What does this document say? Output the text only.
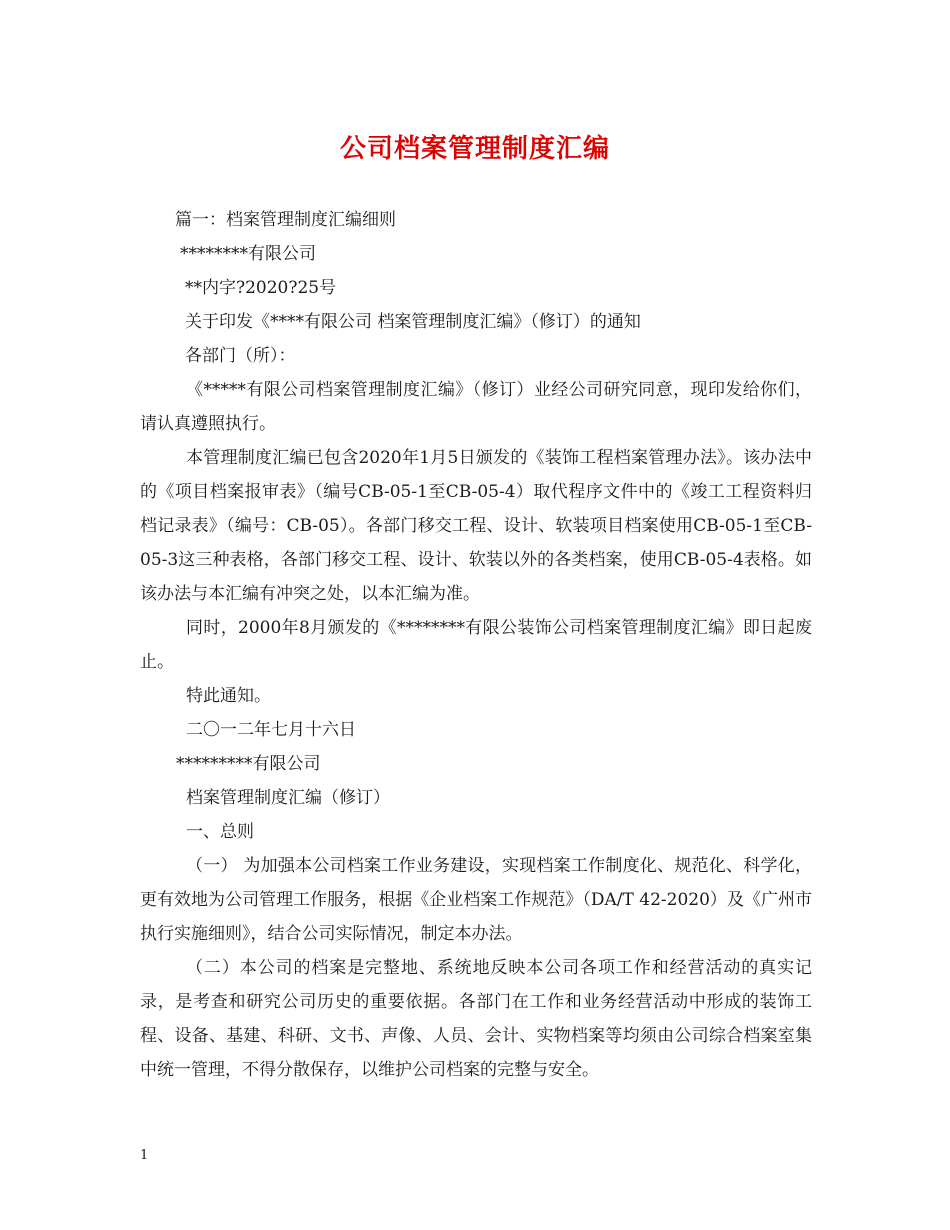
公司档案管理制度汇编
篇一：档案管理制度汇编细则
********有限公司
**内字?2020?25号
关于印发《****有限公司 档案管理制度汇编》（修订）的通知
各部门（所）：

《*****有限公司档案管理制度汇编》（修订）业经公司研究同意，现印发给你们，请认真遵照执行。

本管理制度汇编已包含2020年1月5日颁发的《装饰工程档案管理办法》。该办法中的《项目档案报审表》（编号CB-05-1至CB-05-4）取代程序文件中的《竣工工程资料归档记录表》（编号：CB-05）。各部门移交工程、设计、软装项目档案使用CB-05-1至CB-05-3这三种表格，各部门移交工程、设计、软装以外的各类档案，使用CB-05-4表格。如该办法与本汇编有冲突之处，以本汇编为准。

同时，2000年8月颁发的《********有限公装饰公司档案管理制度汇编》即日起废止。

特此通知。
二〇一二年七月十六日
*********有限公司
档案管理制度汇编（修订）
一、总则

（一） 为加强本公司档案工作业务建设，实现档案工作制度化、规范化、科学化，更有效地为公司管理工作服务，根据《企业档案工作规范》（DA/T 42-2020）及《广州市执行实施细则》，结合公司实际情况，制定本办法。

（二）本公司的档案是完整地、系统地反映本公司各项工作和经营活动的真实记录，是考查和研究公司历史的重要依据。各部门在工作和业务经营活动中形成的装饰工程、设备、基建、科研、文书、声像、人员、会计、实物档案等均须由公司综合档案室集中统一管理，不得分散保存，以维护公司档案的完整与安全。

1
